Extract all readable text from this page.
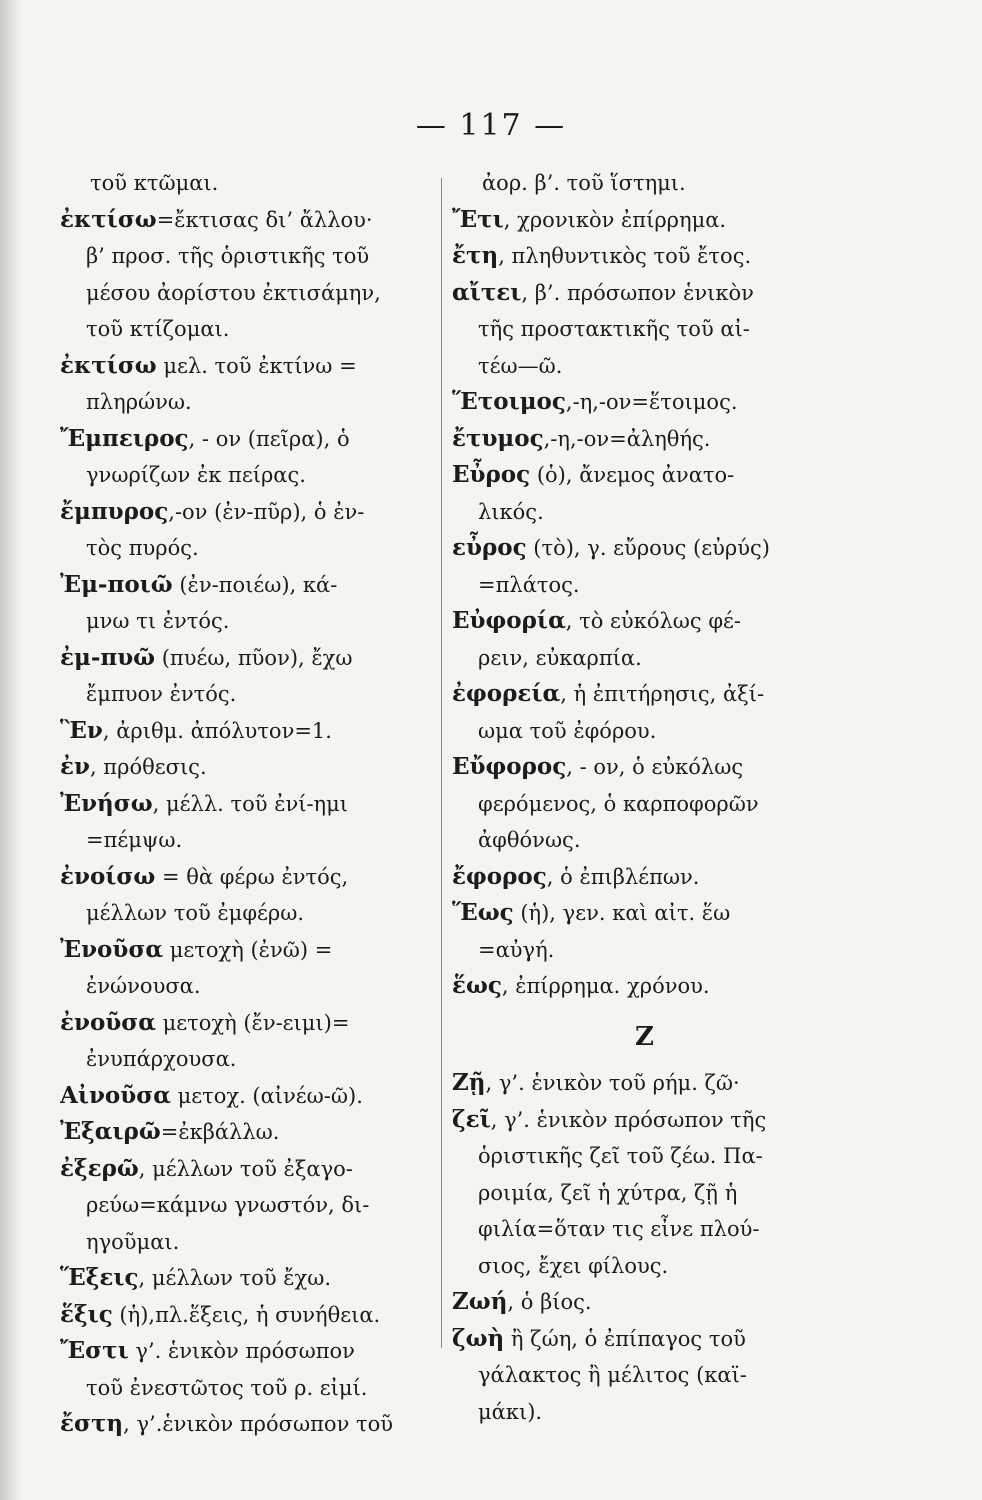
— 117 —
τοῦ κτῶμαι.
ἐκτίσω=ἔκτισας δι’ ἄλλου·
β’ προσ. τῆς ὁριστικῆς τοῦ
μέσου ἀορίστου ἐκτισάμην,
τοῦ κτίζομαι.
ἐκτίσω μελ. τοῦ ἐκτίνω =
πληρώνω.
Ἔμπειρος, - ον (πεῖρα), ὁ
γνωρίζων ἐκ πείρας.
ἔμπυρος,-ον (ἐν-πῦρ), ὁ ἐν-
τὸς πυρός.
Ἐμ-ποιῶ (ἐν-ποιέω), κά-
μνω τι ἐντός.
ἐμ-πυῶ (πυέω, πῦον), ἔχω
ἔμπυον ἐντός.
Ἓν, ἀριθμ. ἀπόλυτον=1.
ἐν, πρόθεσις.
Ἐνήσω, μέλλ. τοῦ ἐνί-ημι
=πέμψω.
ἐνοίσω = θὰ φέρω ἐντός,
μέλλων τοῦ ἐμφέρω.
Ἐνοῦσα μετοχὴ (ἐνῶ) =
ἐνώνουσα.
ἐνοῦσα μετοχὴ (ἔν-ειμι)=
ἐνυπάρχουσα.
Αἰνοῦσα μετοχ. (αἰνέω-ῶ).
Ἐξαιρῶ=ἐκβάλλω.
ἐξερῶ, μέλλων τοῦ ἐξαγο-
ρεύω=κάμνω γνωστόν, δι-
ηγοῦμαι.
Ἕξεις, μέλλων τοῦ ἔχω.
ἕξις (ἡ),πλ.ἕξεις, ἡ συνήθεια.
Ἔστι γ’. ἑνικὸν πρόσωπον
τοῦ ἐνεστῶτος τοῦ ρ. εἰμί.
ἔστη, γ’.ἑνικὸν πρόσωπον τοῦ
ἀορ. β’. τοῦ ἵστημι.
Ἔτι, χρονικὸν ἐπίρρημα.
ἔτη, πληθυντικὸς τοῦ ἔτος.
αἴτει, β’. πρόσωπον ἑνικὸν
τῆς προστακτικῆς τοῦ αἰ-
τέω—ῶ.
Ἕτοιμος,-η,-ον=ἕτοιμος.
ἔτυμος,-η,-ον=ἀληθής.
Εὖρος (ὁ), ἄνεμος ἀνατο-
λικός.
εὖρος (τὸ), γ. εὔρους (εὐρύς)
=πλάτος.
Εὐφορία, τὸ εὐκόλως φέ-
ρειν, εὐκαρπία.
ἐφορεία, ἡ ἐπιτήρησις, ἀξί-
ωμα τοῦ ἐφόρου.
Εὔφορος, - ον, ὁ εὐκόλως
φερόμενος, ὁ καρποφορῶν
ἀφθόνως.
ἔφορος, ὁ ἐπιβλέπων.
Ἕως (ἡ), γεν. καὶ αἰτ. ἕω
=αὐγή.
ἕως, ἐπίρρημα. χρόνου.
Z
Ζῇ, γ’. ἑνικὸν τοῦ ρήμ. ζῶ·
ζεῖ, γ’. ἑνικὸν πρόσωπον τῆς
ὁριστικῆς ζεῖ τοῦ ζέω. Πα-
ροιμία, ζεῖ ἡ χύτρα, ζῇ ἡ
φιλία=ὅταν τις εἶνε πλού-
σιος, ἔχει φίλους.
Ζωή, ὁ βίος.
ζωὴ ἢ ζώη, ὁ ἐπίπαγος τοῦ
γάλακτος ἢ μέλιτος (καϊ-
μάκι).
